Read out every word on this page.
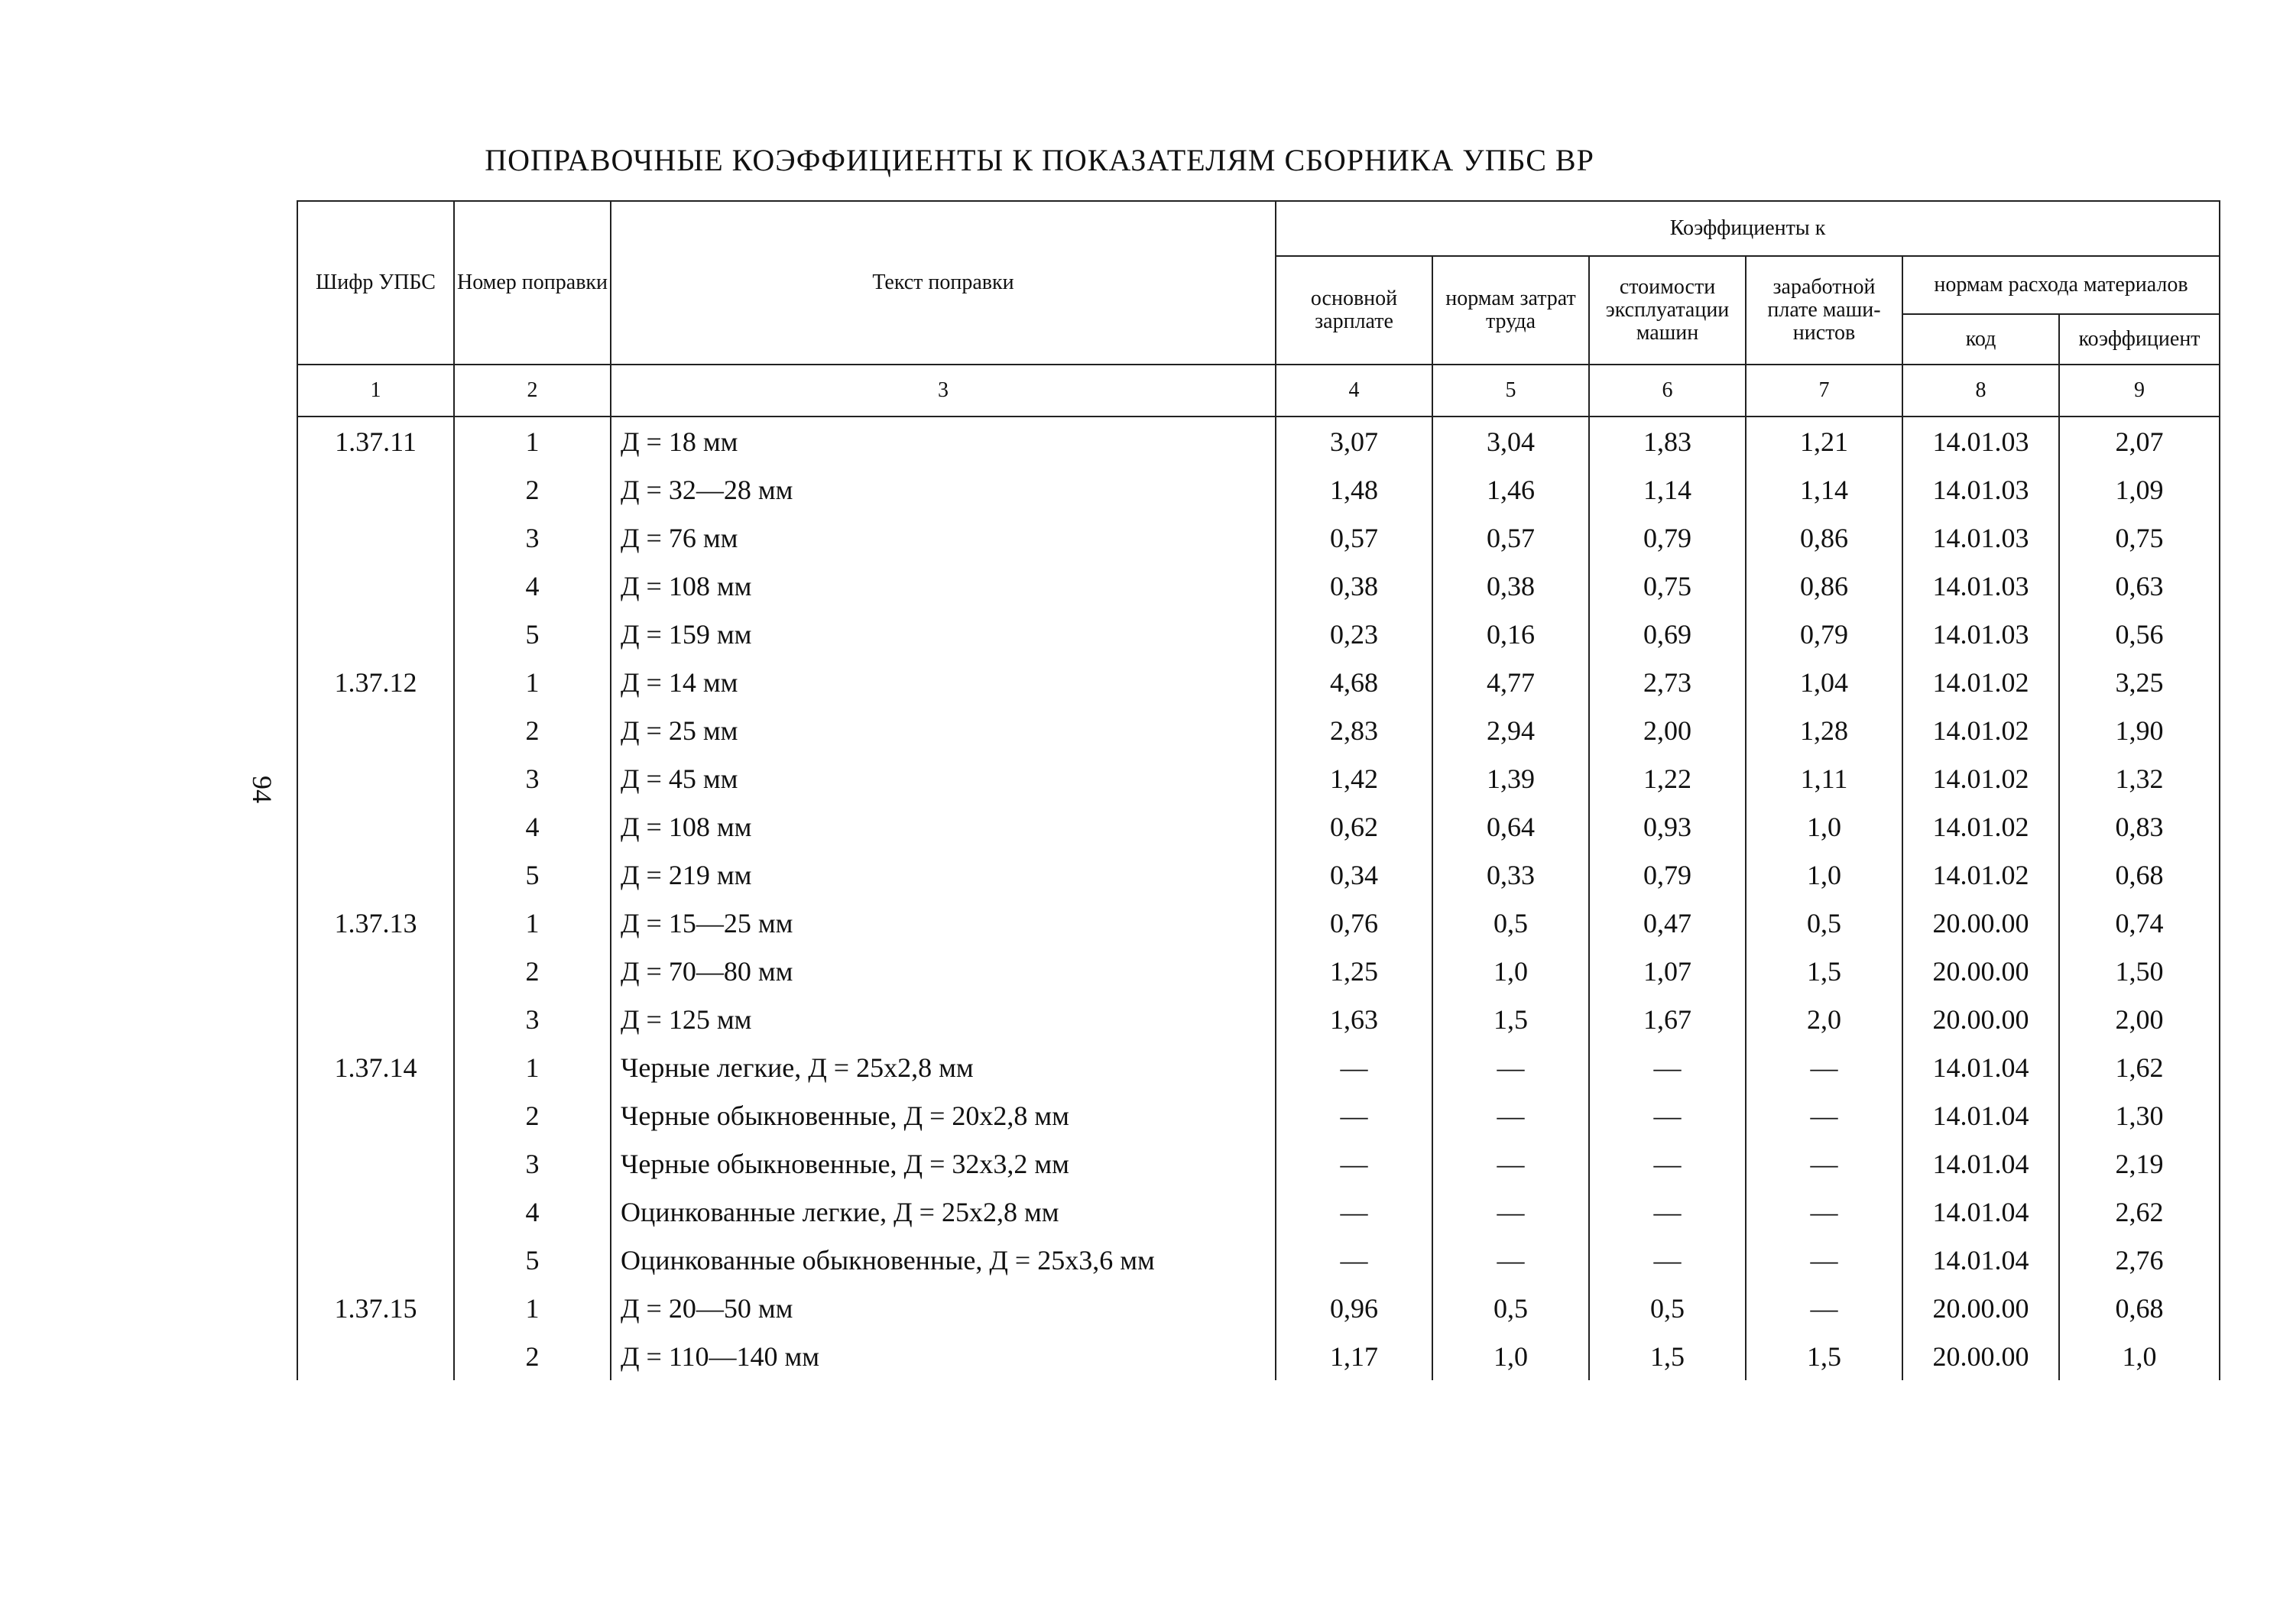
ПОПРАВОЧНЫЕ КОЭФФИЦИЕНТЫ К ПОКАЗАТЕЛЯМ СБОРНИКА УПБС ВР
94
Шифр УПБС	Номер поправки	Текст поправки	Коэффициенты к					
			основной зарплате	нормам затрат труда	стоимости эксплуатации машин	заработной плате маши- нистов	нормам расхода материалов	
							код	коэффициент
1	2	3	4	5	6	7	8	9
1.37.11	1	Д = 18 мм	3,07	3,04	1,83	1,21	14.01.03	2,07
	2	Д = 32—28 мм	1,48	1,46	1,14	1,14	14.01.03	1,09
	3	Д = 76 мм	0,57	0,57	0,79	0,86	14.01.03	0,75
	4	Д = 108 мм	0,38	0,38	0,75	0,86	14.01.03	0,63
	5	Д = 159 мм	0,23	0,16	0,69	0,79	14.01.03	0,56
1.37.12	1	Д = 14 мм	4,68	4,77	2,73	1,04	14.01.02	3,25
	2	Д = 25 мм	2,83	2,94	2,00	1,28	14.01.02	1,90
	3	Д = 45 мм	1,42	1,39	1,22	1,11	14.01.02	1,32
	4	Д = 108 мм	0,62	0,64	0,93	1,0	14.01.02	0,83
	5	Д = 219 мм	0,34	0,33	0,79	1,0	14.01.02	0,68
1.37.13	1	Д = 15—25 мм	0,76	0,5	0,47	0,5	20.00.00	0,74
	2	Д = 70—80 мм	1,25	1,0	1,07	1,5	20.00.00	1,50
	3	Д = 125 мм	1,63	1,5	1,67	2,0	20.00.00	2,00
1.37.14	1	Черные легкие, Д = 25х2,8 мм	—	—	—	—	14.01.04	1,62
	2	Черные обыкновенные, Д = 20х2,8 мм	—	—	—	—	14.01.04	1,30
	3	Черные обыкновенные, Д = 32х3,2 мм	—	—	—	—	14.01.04	2,19
	4	Оцинкованные легкие, Д = 25х2,8 мм	—	—	—	—	14.01.04	2,62
	5	Оцинкованные обыкновенные, Д = 25х3,6 мм	—	—	—	—	14.01.04	2,76
1.37.15	1	Д = 20—50 мм	0,96	0,5	0,5	—	20.00.00	0,68
	2	Д = 110—140 мм	1,17	1,0	1,5	1,5	20.00.00	1,0
